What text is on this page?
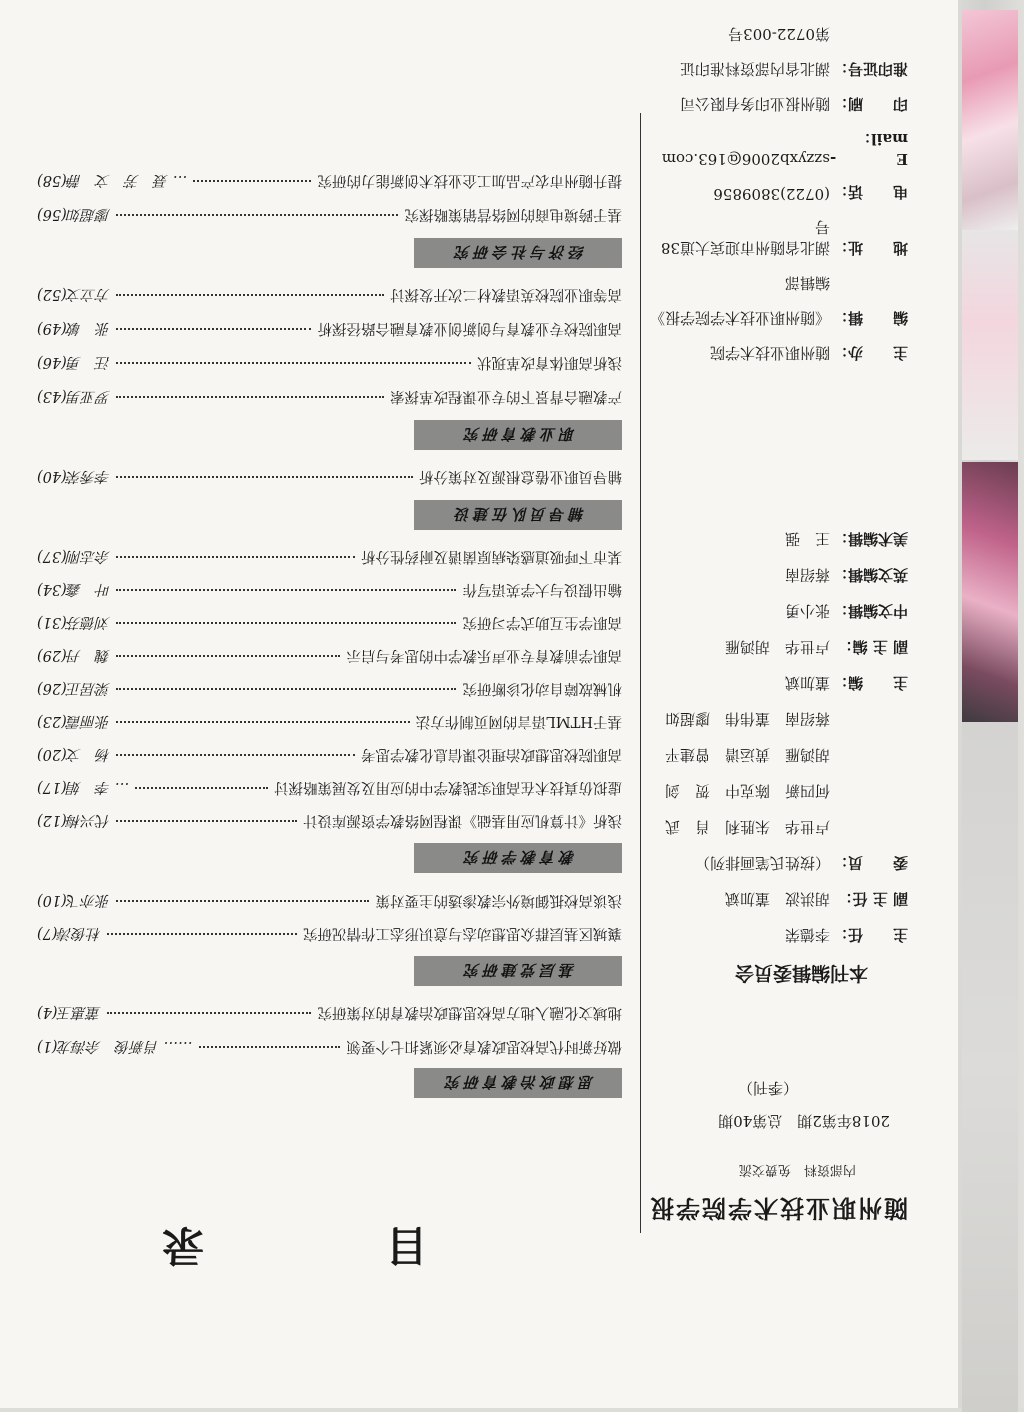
随州职业技术学院学报
内部资料　免费交流
2018年第2期　总第40期
（季刊）
本刊编辑委员会
主　　任：
李德荣
副 主 任：
胡洪波　董加斌
委　　员：
（按姓氏笔画排列）
卢世华　朱胜利　肖　武
何四新　陈克中　贺　剑
胡鸿雁　黄运谱　曾建平
蒋绍南　董伟伟　廖超如
主　　编：
董加斌
副 主 编：
卢世华　胡鸿雁
中文编辑：
张小勇
英文编辑：
蒋绍南
美术编辑：
王　强
主　　办：
随州职业技术学院
编　　辑：
《随州职业技术学院学报》
编辑部
地　　址：
湖北省随州市迎宾大道38号
电　　话：
(0722)3809856
E - mail：
szzyxb2006@163.com
印　　刷：
随州报业印务有限公司
准印证号：
湖北省内部资料准印证
第0722-003号
目　录
思想政治教育研究
做好新时代高校思政教育必须紧扣七个要领
…… 肖新俊　余海龙(1)
地域文化融入地方高校思想政治教育的对策研究
董惠玉(4)
基层党建研究
襄城区基层群众思想动态与意识形态工作情况研究
杜俊涛(7)
浅谈高校抵御境外宗教渗透的主要对策
张亦飞(10)
教育教学研究
浅析《计算机应用基础》课程网络教学资源库设计
代兴梅(12)
虚拟仿真技术在高职实践教学中的应用及发展策略探讨
… 李　娟(17)
高职院校思想政治理论课信息化教学思考
杨　文(20)
基于HTML语言的网页制作方法
张丽霞(23)
机械故障自动化诊断研究
梁居正(26)
高职学前教育专业声乐教学中的思考与启示
魏　丹(29)
高职学生互助式学习研究
刘德芬(31)
输出假设与大学英语写作
叶　鑫(34)
某市下呼吸道感染病原菌谱及耐药性分析
余志刚(37)
辅导员队伍建设
辅导员职业倦怠根源及对策分析
李秀荣(40)
职业教育研究
产教融合背景下的专业课程改革探索
罗亚男(43)
浅析高职体育改革现状
汪　勇(46)
高职院校专业教育与创新创业教育融合路径探析
张　敏(49)
高等职业院校英语教材二次开发探讨
方立文(52)
经济与社会研究
基于跨境电商的网络营销策略探究
廖超如(56)
提升随州市农产品加工企业技术创新能力的研究
… 聂　芳　文　静(58)
